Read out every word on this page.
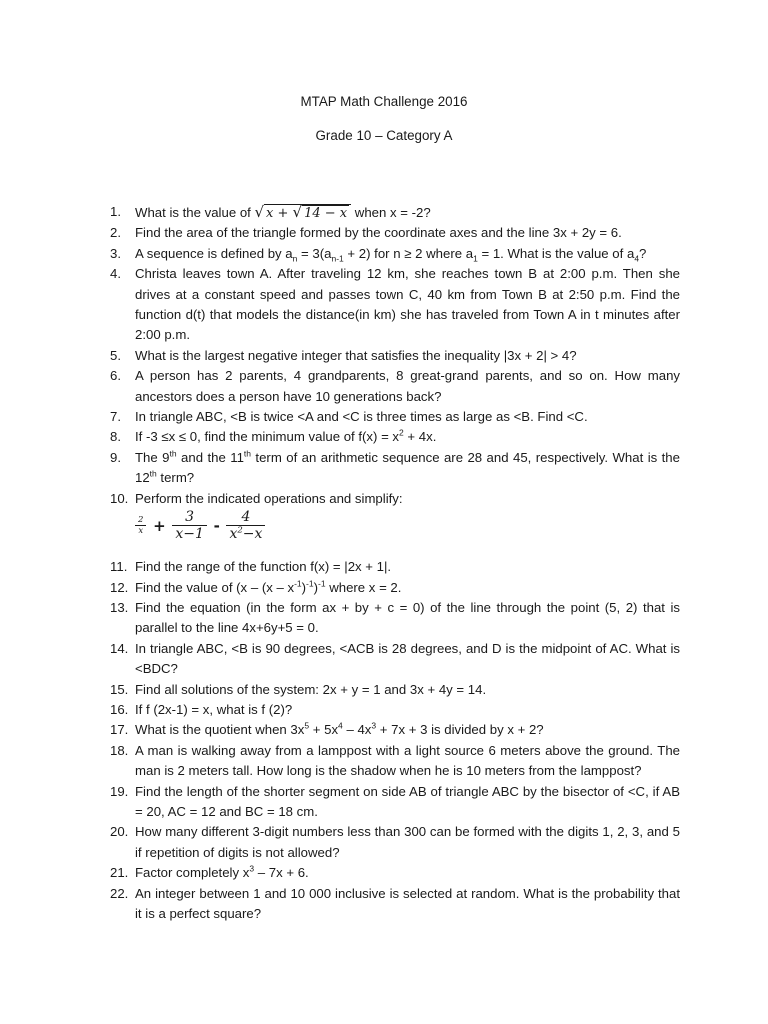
MTAP Math Challenge 2016
Grade 10 – Category A
1.	What is the value of √ x + √ 14 − x when x = -2?
2.	Find the area of the triangle formed by the coordinate axes and the line 3x + 2y = 6.
3.	A sequence is defined by $a_n = 3(a_{n-1} + 2)$ for n ≥ 2 where $a_1 = 1$. What is the value of $a_4$?
4.	Christa leaves town A. After traveling 12 km, she reaches town B at 2:00 p.m. Then she drives at a constant speed and passes town C, 40 km from Town B at 2:50 p.m. Find the function d(t) that models the distance(in km) she has traveled from Town A in t minutes after 2:00 p.m.
5.	What is the largest negative integer that satisfies the inequality |3x + 2| > 4?
6.	A person has 2 parents, 4 grandparents, 8 great-grand parents, and so on. How many ancestors does a person have 10 generations back?
7.	In triangle ABC, <B is twice <A and <C is three times as large as <B. Find <C.
8.	If -3 ≤x ≤ 0, find the minimum value of $f(x) = x^2 + 4x$.
9.	The 9th and the 11th term of an arithmetic sequence are 28 and 45, respectively. What is the 12th term?
10. Perform the indicated operations and simplify:
$\frac{2}{x} + \frac{3}{x-1} - \frac{4}{x^2-x}$
11. Find the range of the function f(x) = |2x + 1|.
12. Find the value of $(x - (x - x^{-1})^{-1})^{-1}$ where x = 2.
13. Find the equation (in the form ax + by + c = 0) of the line through the point (5, 2) that is parallel to the line 4x+6y+5 = 0.
14. In triangle ABC, <B is 90 degrees, <ACB is 28 degrees, and D is the midpoint of AC. What is <BDC?
15. Find all solutions of the system: 2x + y = 1 and 3x + 4y = 14.
16. If f (2x-1) = x, what is f (2)?
17. What is the quotient when $3x^5 + 5x^4 - 4x^3 + 7x + 3$ is divided by x + 2?
18. A man is walking away from a lamppost with a light source 6 meters above the ground. The man is 2 meters tall. How long is the shadow when he is 10 meters from the lamppost?
19. Find the length of the shorter segment on side AB of triangle ABC by the bisector of <C, if AB = 20, AC = 12 and BC = 18 cm.
20. How many different 3-digit numbers less than 300 can be formed with the digits 1, 2, 3, and 5 if repetition of digits is not allowed?
21. Factor completely $x^3 - 7x + 6$.
22. An integer between 1 and 10 000 inclusive is selected at random. What is the probability that it is a perfect square?
